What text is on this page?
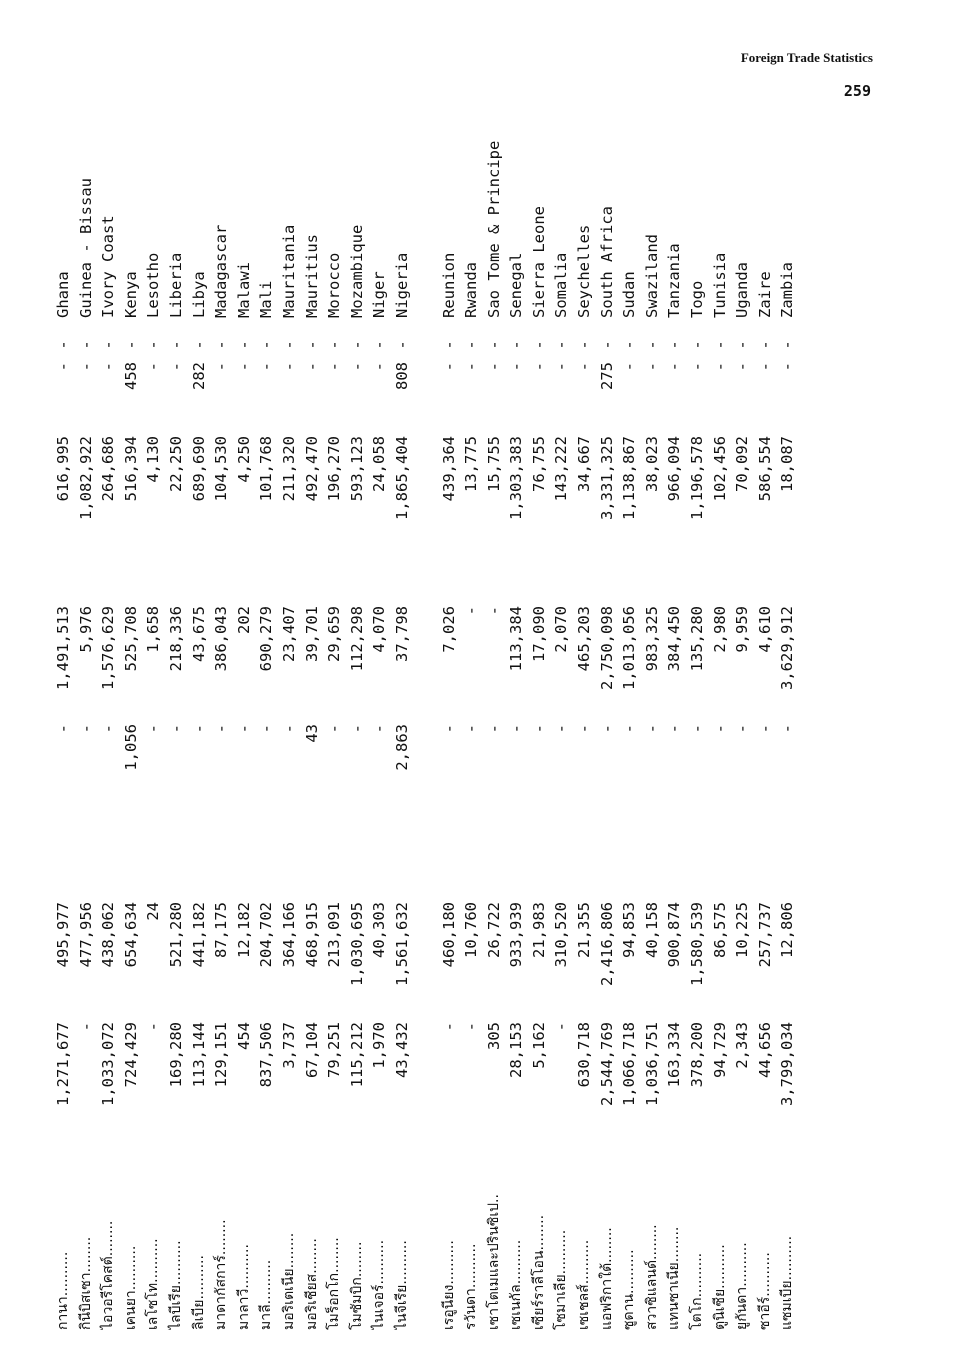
Foreign Trade Statistics
259
กานา..........	1,271,677	495,977	-	1,491,513	616,995	-	-	Ghana
กินีบิสเซา........	-	477,956	-	5,976	1,082,922	-	-	Guinea - Bissau
ไอวอรีโคสต์........	1,033,072	438,062	-	1,576,629	264,686	-	-	Ivory Coast
เคนยา..........	724,429	654,634	1,056	525,708	516,394	458	-	Kenya
เลโซโท..........	-	24	-	1,658	4,130	-	-	Lesotho
ไลบีเรีย..........	169,280	521,280	-	218,336	22,250	-	-	Liberia
ลิเบีย..........	113,144	441,182	-	43,675	689,690	282	-	Libya
มาดากัสการ์........	129,151	87,175	-	386,043	104,530	-	-	Madagascar
มาลาวี..........	454	12,182	-	202	4,250	-	-	Malawi
มาลี..........	837,506	204,702	-	690,279	101,768	-	-	Mali
มอริเตเนีย........	3,737	364,166	-	23,407	211,320	-	-	Mauritania
มอริเชียส........	67,104	468,915	43	39,701	492,470	-	-	Mauritius
โมร็อกโก........	79,251	213,091	-	29,659	196,270	-	-	Morocco
โมซัมบิก........	115,212	1,030,695	-	112,298	593,123	-	-	Mozambique
ไนเจอร์..........	1,970	40,303	-	4,070	24,058	-	-	Niger
ไนจีเรีย..........	43,432	1,561,632	2,863	37,798	1,865,404	808	-	Nigeria

เรอูนียง..........	-	460,180	-	7,026	439,364	-	-	Reunion
รวันดา..........	-	10,760	-	-	13,775	-	-	Rwanda
เซาโตเมและปรินซิเป..	305	26,722	-	-	15,755	-	-	Sao Tome & Principe
เซเนกัล..........	28,153	933,939	-	113,384	1,303,383	-	-	Senegal
เซียร์ราลีโอน........	5,162	21,983	-	17,090	76,755	-	-	Sierra Leone
โซมาเลีย..........	-	310,520	-	2,070	143,222	-	-	Somalia
เซเชลส์..........	630,718	21,355	-	465,203	34,667	-	-	Seychelles
แอฟริกาใต้........	2,544,769	2,416,806	-	2,750,098	3,331,325	275	-	South Africa
ซูดาน..........	1,066,718	94,853	-	1,013,056	1,138,867	-	-	Sudan
สวาซิแลนด์........	1,036,751	40,158	-	983,325	38,023	-	-	Swaziland
แทนซาเนีย........	163,334	900,874	-	384,450	966,094	-	-	Tanzania
โตโก..........	378,200	1,580,539	-	135,280	1,196,578	-	-	Togo
ตูนิเซีย..........	94,729	86,575	-	2,980	102,456	-	-	Tunisia
ยูกันดา..........	2,343	10,225	-	9,959	70,092	-	-	Uganda
ซาอีร์..........	44,656	257,737	-	4,610	586,554	-	-	Zaire
แซมเบีย..........	3,799,034	12,806	-	3,629,912	18,087	-	-	Zambia
